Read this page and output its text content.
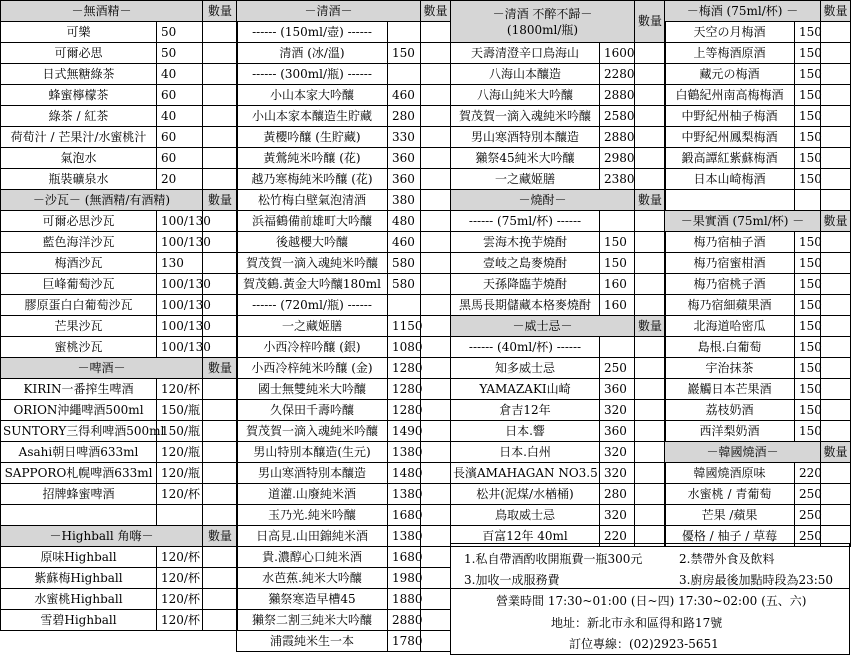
－無酒精－		數量
可樂	50	
可爾必思	50	
日式無糖綠茶	40	
蜂蜜檸檬茶	60	
綠茶 / 紅茶	40	
荷荀汁 / 芒果汁/水蜜桃汁	60	
氣泡水	60	
瓶裝礦泉水	20	
－沙瓦－ (無酒精/有酒精)		數量
可爾必思沙瓦	100/130	
藍色海洋沙瓦	100/130	
梅酒沙瓦	130	
巨峰葡萄沙瓦	100/130	
膠原蛋白白葡萄沙瓦	100/130	
芒果沙瓦	100/130	
蜜桃沙瓦	100/130	
－啤酒－		數量
KIRIN一番搾生啤酒	120/杯	
ORION沖繩啤酒500ml	150/瓶	
SUNTORY三得利啤酒500ml	150/瓶	
Asahi朝日啤酒633ml	120/瓶	
SAPPORO札幌啤酒633ml	120/瓶	
招牌蜂蜜啤酒	120/杯	

－Highball 角嗨－		數量
原味Highball	120/杯	
紫蘇梅Highball	120/杯	
水蜜桃Highball	120/杯	
雪碧Highball	120/杯	
－清酒－		數量
------ (150ml/壺) ------		
清酒 (冰/溫)	150	
------ (300ml/瓶) ------		
小山本家大吟釀	460	
小山本家本釀造生貯藏	280	
黃櫻吟釀 (生貯藏)	330	
黃鶯純米吟釀 (花)	360	
越乃寒梅純米吟釀 (花)	360	
松竹梅白壁氣泡清酒	380	
浜福鶴備前雄町大吟釀	480	
後越櫻大吟釀	460	
賀茂賀一滴入魂純米吟釀	580	
賀茂鶴.黃金大吟釀180ml	580	
------ (720ml/瓶) ------		
一之藏姬膳	1150	
小西冷梓吟釀 (銀)	1080	
小西冷梓純米吟釀 (金)	1280	
國士無雙純米大吟釀	1280	
久保田千壽吟釀	1280	
賀茂賀一滴入魂純米吟釀	1490	
男山特別本釀造(生元)	1380	
男山寒酒特別本釀造	1480	
道灌.山廢純米酒	1380	
玉乃光.純米吟釀	1680	
日高見.山田錦純米酒	1380	
貴.濃醇心口純米酒	1680	
水芭蕉.純米大吟釀	1980	
獺祭寒造早槽45	1880	
獺祭二割三純米大吟釀	2880	
浦霞純米生一本	1780	
－清酒 不醉不歸－
(1800ml/瓶)		數量
天壽清澄辛口鳥海山	1600	
八海山本釀造	2280	
八海山純米大吟釀	2880	
賀茂賀一滴入魂純米吟釀	2580	
男山寒酒特別本釀造	2880	
獺祭45純米大吟釀	2980	
一之藏姬膳	2380	
－燒酎－		數量
------ (75ml/杯) ------		
雲海木挽芋燒酎	150	
壹岐之島麥燒酎	150	
天孫降臨芋燒酎	160	
黑馬長期儲藏本格麥燒酎	160	
－威士忌－		數量
------ (40ml/杯) ------		
知多威士忌	250	
YAMAZAKI山崎	360	
倉吉12年	320	
日本.響	360	
日本.白州	320	
長濱AMAHAGAN NO3.5	320	
松井(泥煤/水楢桶)	280	
鳥取威士忌	320	
百富12年 40ml	220	
－梅酒 (75ml/杯) －		數量
天空の月梅酒	150	
上等梅酒原酒	150	
藏元の梅酒	150	
白鶴紀州南高梅梅酒	150	
中野紀州柚子梅酒	150	
中野紀州鳳梨梅酒	150	
鍛高譚紅紫蘇梅酒	150	
日本山崎梅酒	150	

－果實酒 (75ml/杯) －		數量
梅乃宿柚子酒	150	
梅乃宿蜜柑酒	150	
梅乃宿桃子酒	150	
梅乃宿細蘋果酒	150	
北海道哈密瓜	150	
島根.白葡萄	150	
宇治抹茶	150	
巖觸日本芒果酒	150	
荔枝奶酒	150	
西洋梨奶酒	150	
－韓國燒酒－		數量
韓國燒酒原味	220	
水蜜桃 / 青葡萄	250	
芒果 /蘋果	250	
優格 / 柚子 / 草莓	250	
1.私自帶酒酌收開瓶費一瓶300元	2.禁帶外食及飲料
3.加收一成服務費	3.廚房最後加點時段為23:50
營業時間 17:30~01:00 (日~四) 17:30~02:00 (五、六)
地址：新北市永和區得和路17號
訂位專線：(02)2923-5651
